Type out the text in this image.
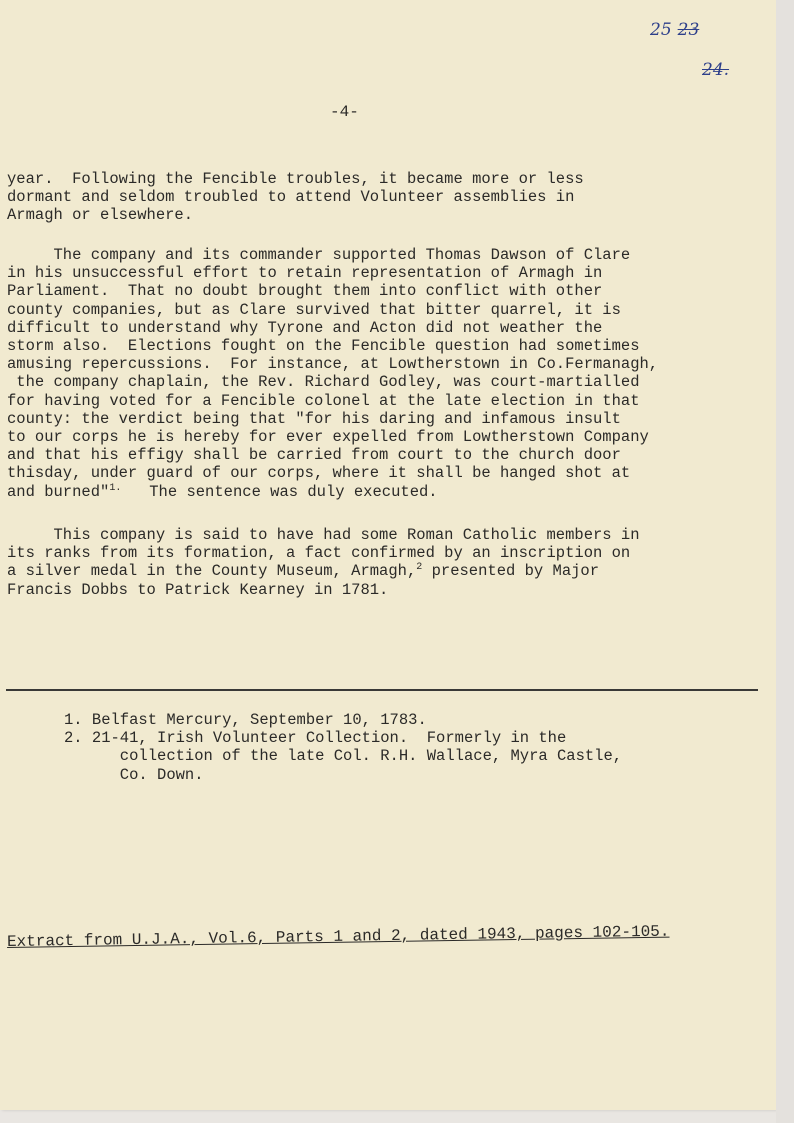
25 23
24.
-4-
year.  Following the Fencible troubles, it became more or less
dormant and seldom troubled to attend Volunteer assemblies in
Armagh or elsewhere.
The company and its commander supported Thomas Dawson of Clare
in his unsuccessful effort to retain representation of Armagh in
Parliament.  That no doubt brought them into conflict with other
county companies, but as Clare survived that bitter quarrel, it is
difficult to understand why Tyrone and Acton did not weather the
storm also.  Elections fought on the Fencible question had sometimes
amusing repercussions.  For instance, at Lowtherstown in Co.Fermanagh,
the company chaplain, the Rev. Richard Godley, was court-martialled
for having voted for a Fencible colonel at the late election in that
county: the verdict being that "for his daring and infamous insult
to our corps he is hereby for ever expelled from Lowtherstown Company
and that his effigy shall be carried from court to the church door
thisday, under guard of our corps, where it shall be hanged shot at
and burned"$^{1.}$   The sentence was duly executed.
This company is said to have had some Roman Catholic members in
its ranks from its formation, a fact confirmed by an inscription on
a silver medal in the County Museum, Armagh,$^2$ presented by Major
Francis Dobbs to Patrick Kearney in 1781.
1. Belfast Mercury, September 10, 1783.
2. 21-41, Irish Volunteer Collection.  Formerly in the
collection of the late Col. R.H. Wallace, Myra Castle,
Co. Down.
Extract from U.J.A., Vol.6, Parts 1 and 2, dated 1943, pages 102-105.
